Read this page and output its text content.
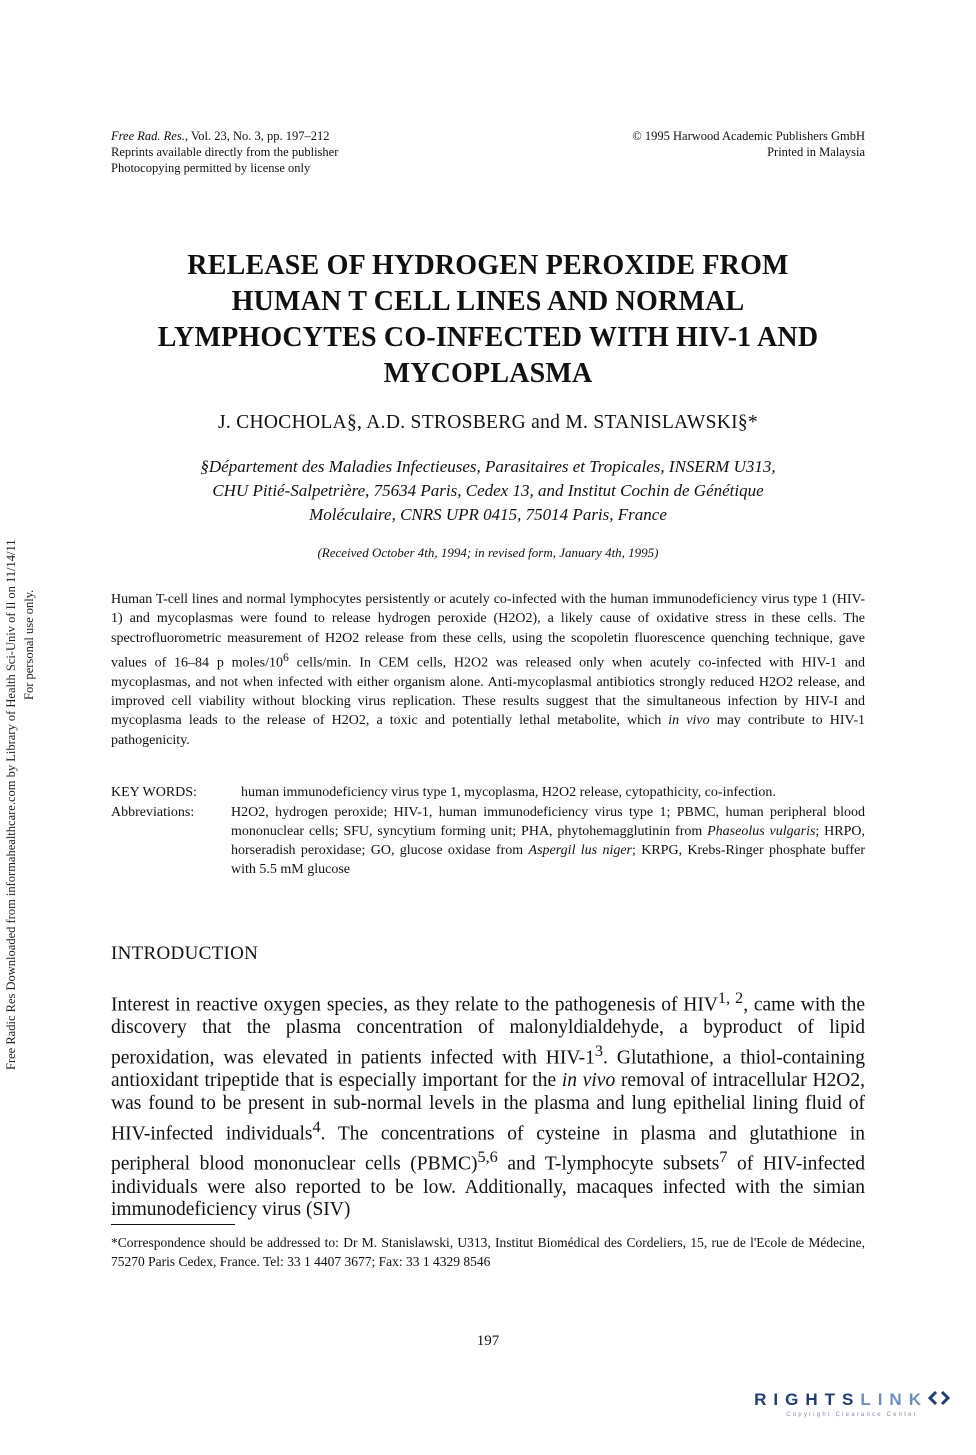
Free Radic Res Downloaded from informahealthcare.com by Library of Health Sci-Univ of Il on 11/14/11 For personal use only.
Free Rad. Res., Vol. 23, No. 3, pp. 197–212
Reprints available directly from the publisher
Photocopying permitted by license only
© 1995 Harwood Academic Publishers GmbH
Printed in Malaysia
RELEASE OF HYDROGEN PEROXIDE FROM
HUMAN T CELL LINES AND NORMAL
LYMPHOCYTES CO-INFECTED WITH HIV-1 AND
MYCOPLASMA
J. CHOCHOLA§, A.D. STROSBERG and M. STANISLAWSKI§*
§Département des Maladies Infectieuses, Parasitaires et Tropicales, INSERM U313,
CHU Pitié-Salpetrière, 75634 Paris, Cedex 13, and Institut Cochin de Génétique
Moléculaire, CNRS UPR 0415, 75014 Paris, France
(Received October 4th, 1994; in revised form, January 4th, 1995)

Human T-cell lines and normal lymphocytes persistently or acutely co-infected with the human immunodeficiency virus type 1 (HIV-1) and mycoplasmas were found to release hydrogen peroxide (H2O2), a likely cause of oxidative stress in these cells. The spectrofluorometric measurement of H2O2 release from these cells, using the scopoletin fluorescence quenching technique, gave values of 16–84 p moles/$10^6$ cells/min. In CEM cells, H2O2 was released only when acutely co-infected with HIV-1 and mycoplasmas, and not when infected with either organism alone. Anti-mycoplasmal antibiotics strongly reduced H2O2 release, and improved cell viability without blocking virus replication. These results suggest that the simultaneous infection by HIV-I and mycoplasma leads to the release of H2O2, a toxic and potentially lethal metabolite, which in vivo may contribute to HIV-1 pathogenicity.

KEY WORDS:	human immunodeficiency virus type 1, mycoplasma, H2O2 release, cytopathicity, co-infection.
Abbreviations:	H2O2, hydrogen peroxide; HIV-1, human immunodeficiency virus type 1; PBMC, human peripheral blood mononuclear cells; SFU, syncytium forming unit; PHA, phytohemagglutinin from Phaseolus vulgaris; HRPO, horseradish peroxidase; GO, glucose oxidase from Aspergil lus niger; KRPG, Krebs-Ringer phosphate buffer with 5.5 mM glucose
INTRODUCTION

Interest in reactive oxygen species, as they relate to the pathogenesis of HIV$^{1, 2}$, came with the discovery that the plasma concentration of malonyldialdehyde, a byproduct of lipid peroxidation, was elevated in patients infected with HIV-$1^3$. Glutathione, a thiol-containing antioxidant tripeptide that is especially important for the in vivo removal of intracellular H2O2, was found to be present in sub-normal levels in the plasma and lung epithelial lining fluid of HIV-infected individuals$^4$. The concentrations of cysteine in plasma and glutathione in peripheral blood mononuclear cells (PBMC)$^{5,6}$ and T-lymphocyte subsets$^7$ of HIV-infected individuals were also reported to be low. Additionally, macaques infected with the simian immunodeficiency virus (SIV)

*Correspondence should be addressed to: Dr M. Stanislawski, U313, Institut Biomédical des Cordeliers, 15, rue de l'Ecole de Médecine, 75270 Paris Cedex, France. Tel: 33 1 4407 3677; Fax: 33 1 4329 8546
197
RIGHTSLINK
Copyright Clearance Center
